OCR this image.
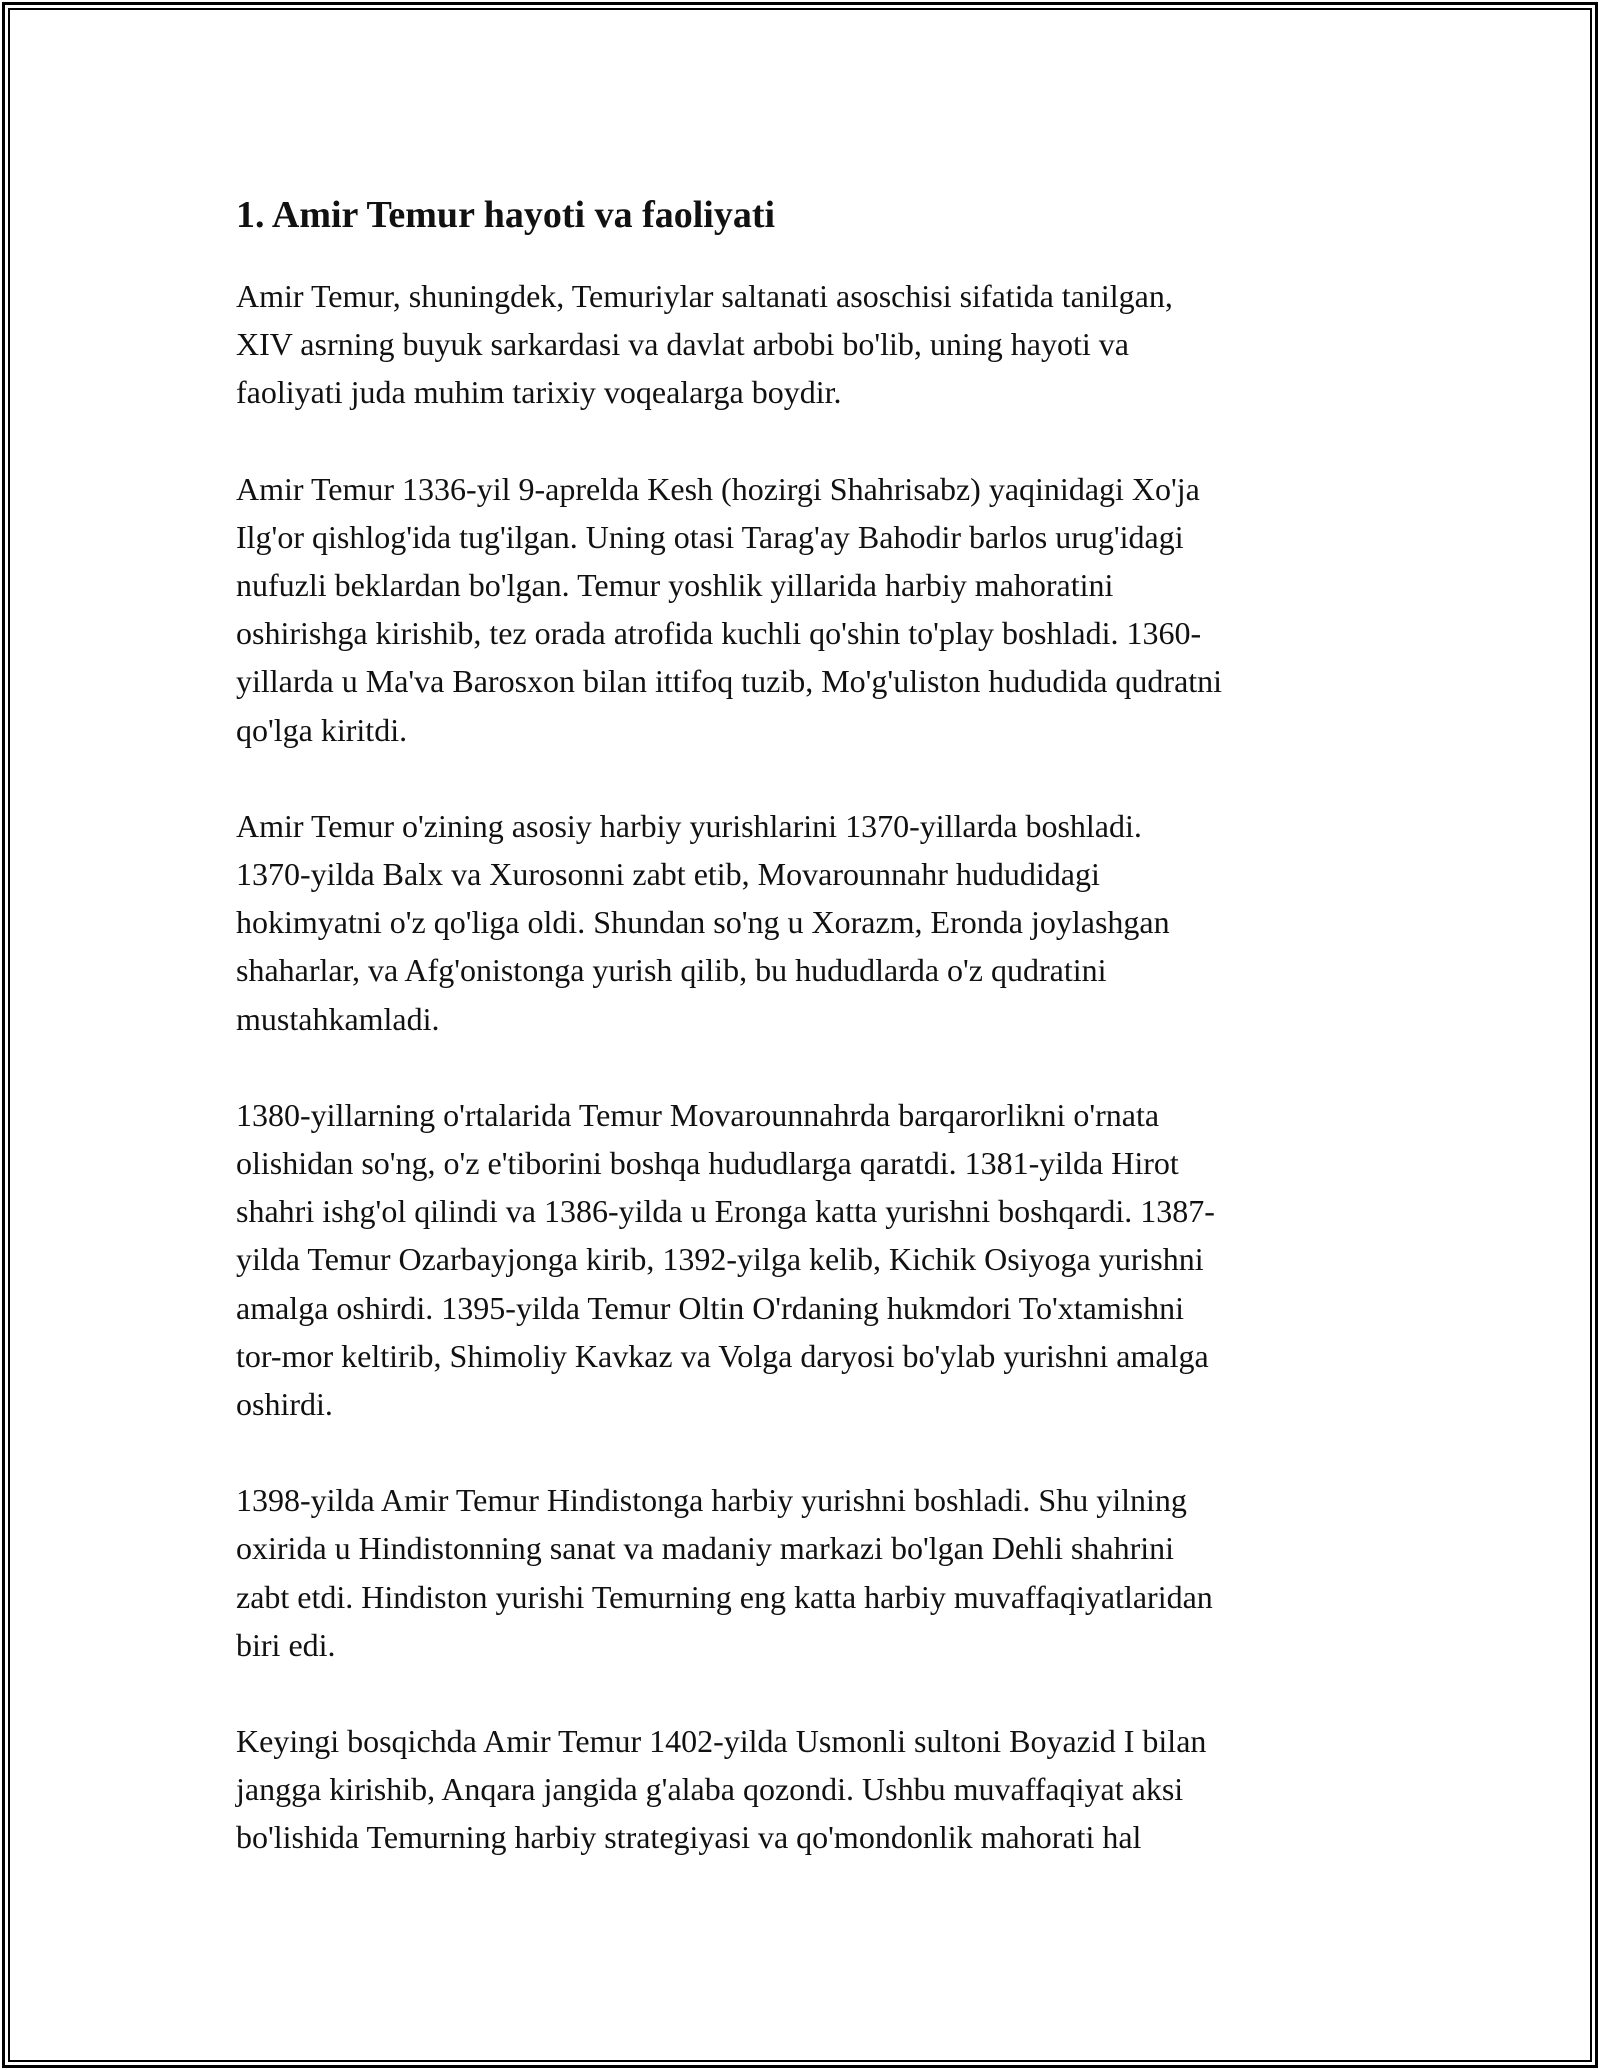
1. Amir Temur hayoti va faoliyati

Amir Temur, shuningdek, Temuriylar saltanati asoschisi sifatida tanilgan,
XIV asrning buyuk sarkardasi va davlat arbobi bo'lib, uning hayoti va
faoliyati juda muhim tarixiy voqealarga boydir.

Amir Temur 1336-yil 9-aprelda Kesh (hozirgi Shahrisabz) yaqinidagi Xo'ja
Ilg'or qishlog'ida tug'ilgan. Uning otasi Tarag'ay Bahodir barlos urug'idagi
nufuzli beklardan bo'lgan. Temur yoshlik yillarida harbiy mahoratini
oshirishga kirishib, tez orada atrofida kuchli qo'shin to'play boshladi. 1360-
yillarda u Ma'va Barosxon bilan ittifoq tuzib, Mo'g'uliston hududida qudratni
qo'lga kiritdi.

Amir Temur o'zining asosiy harbiy yurishlarini 1370-yillarda boshladi.
1370-yilda Balx va Xurosonni zabt etib, Movarounnahr hududidagi
hokimyatni o'z qo'liga oldi. Shundan so'ng u Xorazm, Eronda joylashgan
shaharlar, va Afg'onistonga yurish qilib, bu hududlarda o'z qudratini
mustahkamladi.

1380-yillarning o'rtalarida Temur Movarounnahrda barqarorlikni o'rnata
olishidan so'ng, o'z e'tiborini boshqa hududlarga qaratdi. 1381-yilda Hirot
shahri ishg'ol qilindi va 1386-yilda u Eronga katta yurishni boshqardi. 1387-
yilda Temur Ozarbayjonga kirib, 1392-yilga kelib, Kichik Osiyoga yurishni
amalga oshirdi. 1395-yilda Temur Oltin O'rdaning hukmdori To'xtamishni
tor-mor keltirib, Shimoliy Kavkaz va Volga daryosi bo'ylab yurishni amalga
oshirdi.

1398-yilda Amir Temur Hindistonga harbiy yurishni boshladi. Shu yilning
oxirida u Hindistonning sanat va madaniy markazi bo'lgan Dehli shahrini
zabt etdi. Hindiston yurishi Temurning eng katta harbiy muvaffaqiyatlaridan
biri edi.

Keyingi bosqichda Amir Temur 1402-yilda Usmonli sultoni Boyazid I bilan
jangga kirishib, Anqara jangida g'alaba qozondi. Ushbu muvaffaqiyat aksi
bo'lishida Temurning harbiy strategiyasi va qo'mondonlik mahorati hal
